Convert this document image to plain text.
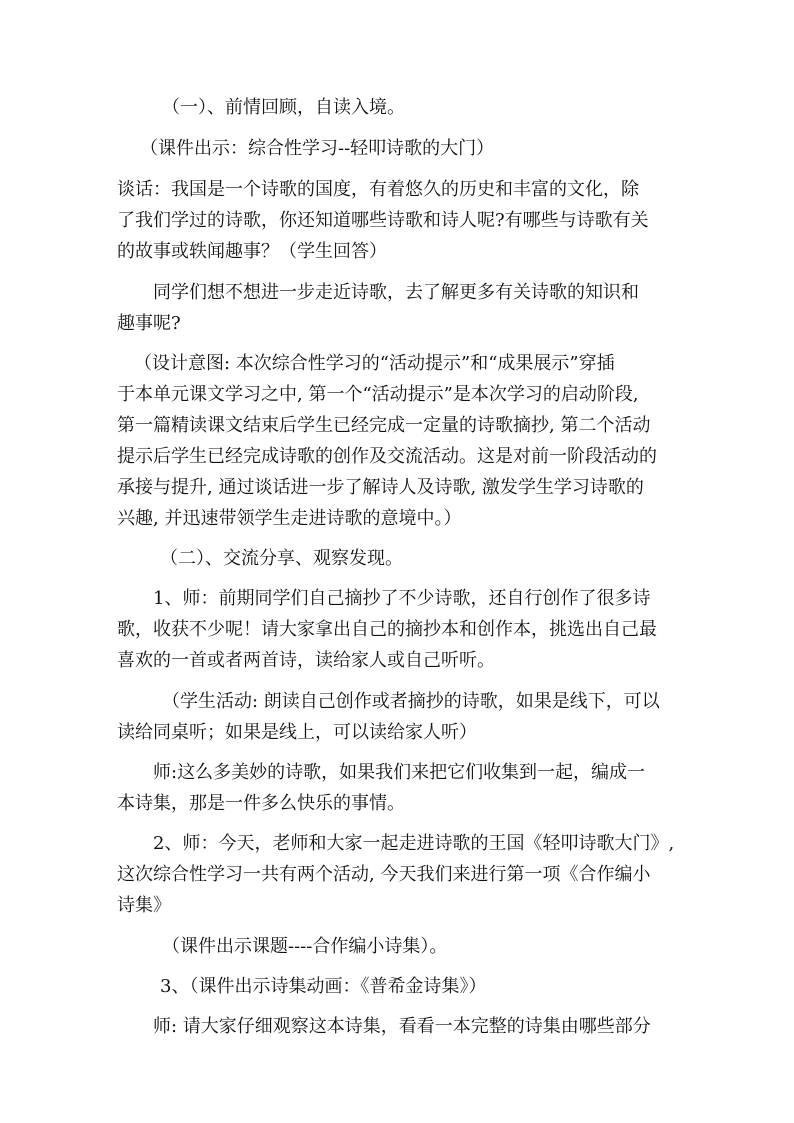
（一）、前情回顾，自读入境。

（课件出示：综合性学习--轻叩诗歌的大门）

谈话：我国是一个诗歌的国度，有着悠久的历史和丰富的文化，除

了我们学过的诗歌，你还知道哪些诗歌和诗人呢?有哪些与诗歌有关

的故事或轶闻趣事？（学生回答）

同学们想不想进一步走近诗歌，去了解更多有关诗歌的知识和

趣事呢?

（设计意图: 本次综合性学习的“活动提示”和“成果展示”穿插

于本单元课文学习之中, 第一个“活动提示”是本次学习的启动阶段,

第一篇精读课文结束后学生已经完成一定量的诗歌摘抄, 第二个活动

提示后学生已经完成诗歌的创作及交流活动。这是对前一阶段活动的

承接与提升, 通过谈话进一步了解诗人及诗歌, 激发学生学习诗歌的

兴趣, 并迅速带领学生走进诗歌的意境中。）

（二）、交流分享、观察发现。

1、师：前期同学们自己摘抄了不少诗歌，还自行创作了很多诗

歌，收获不少呢！请大家拿出自己的摘抄本和创作本，挑选出自己最

喜欢的一首或者两首诗，读给家人或自己听听。

（学生活动: 朗读自己创作或者摘抄的诗歌，如果是线下，可以

读给同桌听；如果是线上，可以读给家人听）

师:这么多美妙的诗歌，如果我们来把它们收集到一起，编成一

本诗集，那是一件多么快乐的事情。

2、师：今天，老师和大家一起走进诗歌的王国《轻叩诗歌大门》,

这次综合性学习一共有两个活动, 今天我们来进行第一项《合作编小

诗集》

（课件出示课题----合作编小诗集）。

3、（课件出示诗集动画：《普希金诗集》）

师: 请大家仔细观察这本诗集，看看一本完整的诗集由哪些部分
